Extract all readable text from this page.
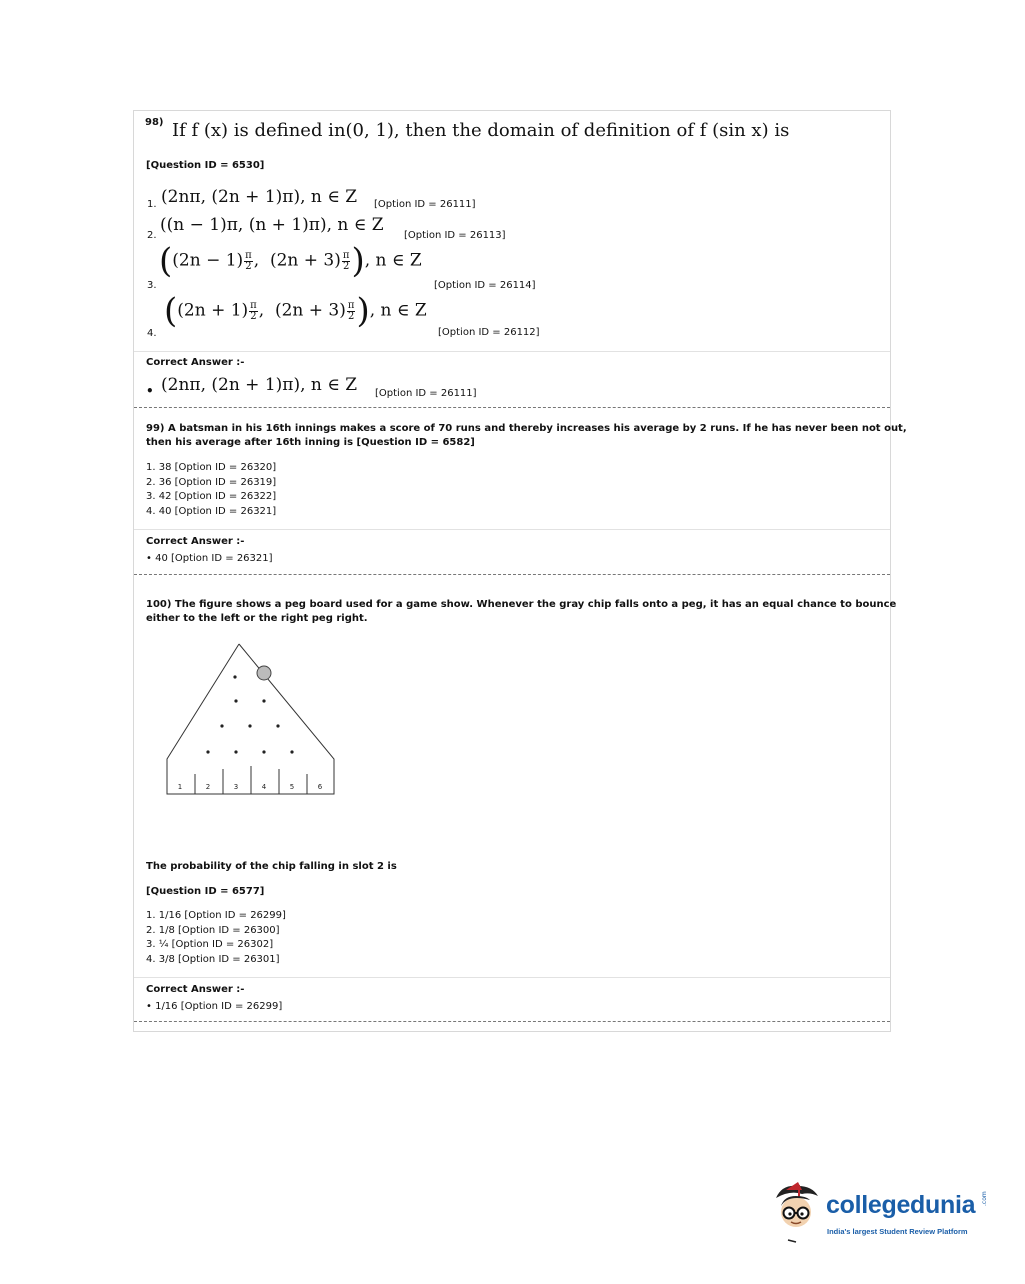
98) If f (x) is defined in(0, 1), then the domain of definition of f (sin x) is
[Question ID = 6530]
1. (2nπ, (2n + 1)π), n ∈ Z [Option ID = 26111]
2.
((n − 1)π, (n + 1)π), n ∈ Z
[Option ID = 26113]
3.
($(2n - 1) \frac{\pi}{2}$ ,  $(2n + 3) \frac{\pi}{2}$ ), n ∈ Z
[Option ID = 26114]
4.
($(2n + 1) \frac{\pi}{2}$ ,  $(2n + 3) \frac{\pi}{2}$ ), n ∈ Z
[Option ID = 26112]
Correct Answer :-
• (2nπ, (2n + 1)π), n ∈ Z [Option ID = 26111]
99) A batsman in his 16th innings makes a score of 70 runs and thereby increases his average by 2 runs. If he has never been not out,
then his average after 16th inning is [Question ID = 6582]
1. 38 [Option ID = 26320]
2. 36 [Option ID = 26319]
3. 42 [Option ID = 26322]
4. 40 [Option ID = 26321]
Correct Answer :-
• 40 [Option ID = 26321]
100) The figure shows a peg board used for a game show. Whenever the gray chip falls onto a peg, it has an equal chance to bounce
either to the left or the right peg right.
1	2	3	4	5	6
The probability of the chip falling in slot 2 is
[Question ID = 6577]
1. 1/16 [Option ID = 26299]
2. 1/8 [Option ID = 26300]
3. ¼ [Option ID = 26302]
4. 3/8 [Option ID = 26301]
Correct Answer :-
• 1/16 [Option ID = 26299]
collegedunia .com
India's largest Student Review Platform
